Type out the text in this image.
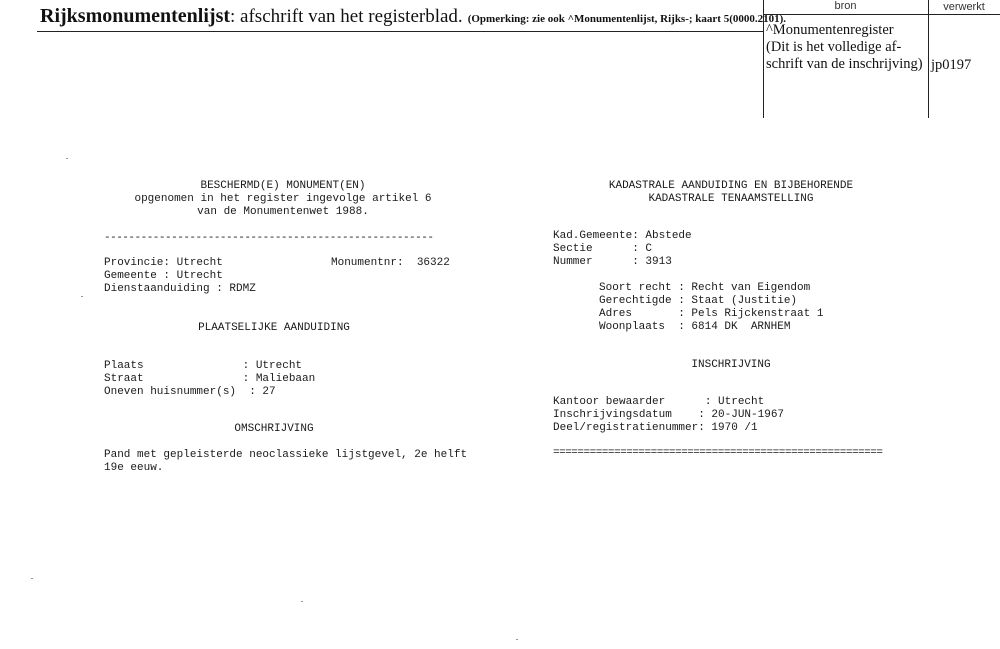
Rijksmonumentenlijst: afschrift van het registerblad. (Opmerking: zie ook ^Monumentenlijst, Rijks-; kaart 5(0000.2101).
bron	verwerkt
^Monumentenregister
(Dit is het volledige af-
schrift van de inschrijving) jp0197
BESCHERMD(E) MONUMENT(EN)
opgenomen in het register ingevolge artikel 6
van de Monumentenwet 1988.
------------------------------------------------------
Provincie: Utrecht	Monumentnr:  36322
Gemeente : Utrecht
Dienstaanduiding : RDMZ
PLAATSELIJKE AANDUIDING
Plaats               : Utrecht
Straat               : Maliebaan
Oneven huisnummer(s)  : 27
OMSCHRIJVING
Pand met gepleisterde neoclassieke lijstgevel, 2e helft
19e eeuw.
KADASTRALE AANDUIDING EN BIJBEHORENDE
KADASTRALE TENAAMSTELLING
Kad.Gemeente: Abstede
Sectie      : C
Nummer      : 3913
Soort recht : Recht van Eigendom
Gerechtigde : Staat (Justitie)
Adres       : Pels Rijckenstraat 1
Woonplaats  : 6814 DK  ARNHEM
INSCHRIJVING
Kantoor bewaarder      : Utrecht
Inschrijvingsdatum    : 20-JUN-1967
Deel/registratienummer: 1970 /1
======================================================
